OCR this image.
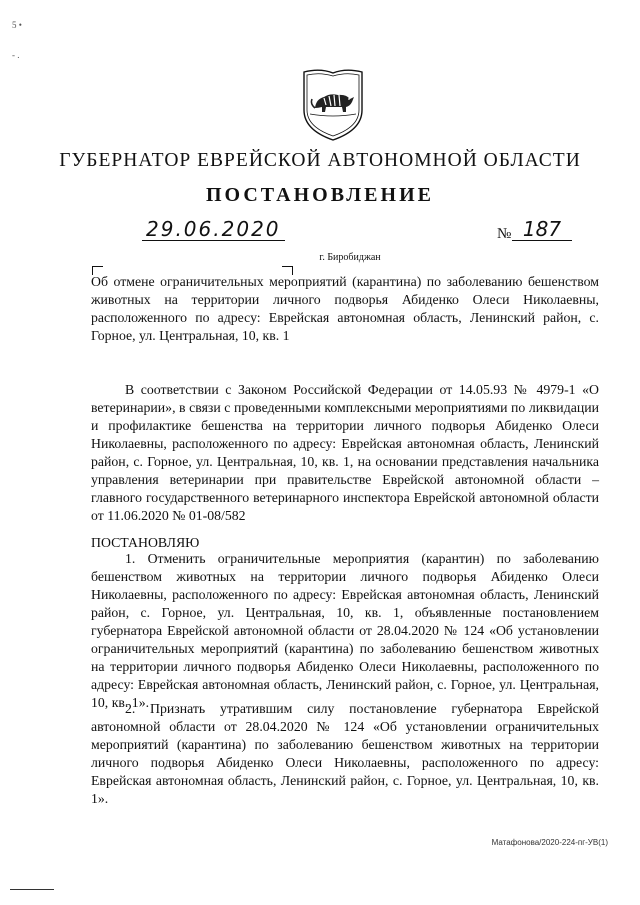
5 •
- .
ГУБЕРНАТОР ЕВРЕЙСКОЙ АВТОНОМНОЙ ОБЛАСТИ
ПОСТАНОВЛЕНИЕ
29.06.2020	№ 187
г. Биробиджан
Об отмене ограничительных мероприятий (карантина) по заболеванию бешенством животных на территории личного подворья Абиденко Олеси Николаевны, расположенного по адресу: Еврейская автономная область, Ленинский район, с. Горное, ул. Центральная, 10, кв. 1
В соответствии с Законом Российской Федерации от 14.05.93 № 4979-1 «О ветеринарии», в связи с проведенными комплексными мероприятиями по ликвидации и профилактике бешенства на территории личного подворья Абиденко Олеси Николаевны, расположенного по адресу: Еврейская автономная область, Ленинский район, с. Горное, ул. Центральная, 10, кв. 1, на основании представления начальника управления ветеринарии при правительстве Еврейской автономной области – главного государственного ветеринарного инспектора Еврейской автономной области от 11.06.2020 № 01-08/582
ПОСТАНОВЛЯЮ
1. Отменить ограничительные мероприятия (карантин) по заболеванию бешенством животных на территории личного подворья Абиденко Олеси Николаевны, расположенного по адресу: Еврейская автономная область, Ленинский район, с. Горное, ул. Центральная, 10, кв. 1, объявленные постановлением губернатора Еврейской автономной области от 28.04.2020 № 124 «Об установлении ограничительных мероприятий (карантина) по заболеванию бешенством животных на территории личного подворья Абиденко Олеси Николаевны, расположенного по адресу: Еврейская автономная область, Ленинский район, с. Горное, ул. Центральная, 10, кв. 1».
2. Признать утратившим силу постановление губернатора Еврейской автономной области от 28.04.2020 № 124 «Об установлении ограничительных мероприятий (карантина) по заболеванию бешенством животных на территории личного подворья Абиденко Олеси Николаевны, расположенного по адресу: Еврейская автономная область, Ленинский район, с. Горное, ул. Центральная, 10, кв. 1».
Матафонова/2020-224-пг-УВ(1)
